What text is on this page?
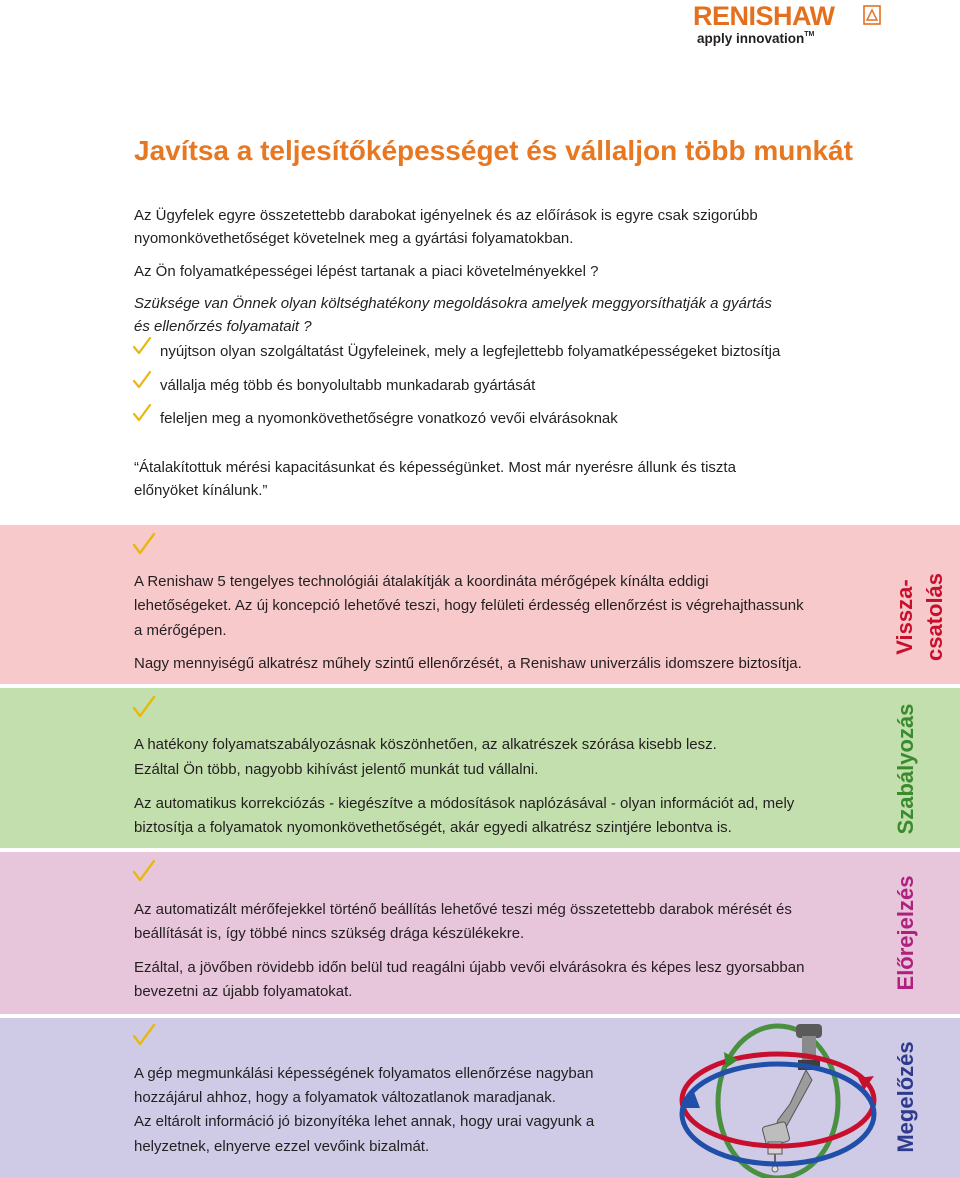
RENISHAW
apply innovation™
Javítsa a teljesítőképességet és vállaljon több munkát

Az Ügyfelek egyre összetettebb darabokat igényelnek és az előírások is egyre csak szigorúbb

nyomonkövethetőséget követelnek meg a gyártási folyamatokban.

Az Ön folyamatképességei lépést tartanak a piaci követelményekkel ?

Szüksége van Önnek olyan költséghatékony megoldásokra amelyek meggyorsíthatják a gyártás

és ellenőrzés folyamatait ?

nyújtson olyan szolgáltatást Ügyfeleinek, mely a legfejlettebb folyamatképességeket biztosítja
vállalja még több és bonyolultabb munkadarab gyártását
feleljen meg a nyomonkövethetőségre vonatkozó vevői elvárásoknak

“Átalakítottuk mérési kapacitásunkat és képességünket. Most már nyerésre állunk és tiszta

előnyöket kínálunk.”

A Renishaw 5 tengelyes technológiái átalakítják a koordináta mérőgépek kínálta eddigi
lehetőségeket. Az új koncepció lehetővé teszi, hogy felületi érdesség ellenőrzést is végrehajthassunk
a mérőgépen.
Nagy mennyiségű alkatrész műhely szintű ellenőrzését, a Renishaw univerzális idomszere biztosítja.
Vissza- csatolás
A hatékony folyamatszabályozásnak köszönhetően, az alkatrészek szórása kisebb lesz.
Ezáltal Ön több, nagyobb kihívást jelentő munkát tud vállalni.
Az automatikus korrekciózás - kiegészítve a módosítások naplózásával - olyan információt ad, mely
biztosítja a folyamatok nyomonkövethetőségét, akár egyedi alkatrész szintjére lebontva is.	Szabályozás
Az automatizált mérőfejekkel történő beállítás lehetővé teszi még összetettebb darabok mérését és
beállítását is, így többé nincs szükség drága készülékekre.
Ezáltal, a jövőben rövidebb időn belül tud reagálni újabb vevői elvárásokra és képes lesz gyorsabban
bevezetni az újabb folyamatokat.
Előrejelzés
A gép megmunkálási képességének folyamatos ellenőrzése nagyban
hozzájárul ahhoz, hogy a folyamatok változatlanok maradjanak.
Az eltárolt információ jó bizonyítéka lehet annak, hogy urai vagyunk a
helyzetnek, elnyerve ezzel vevőink bizalmát.	Megelőzés
